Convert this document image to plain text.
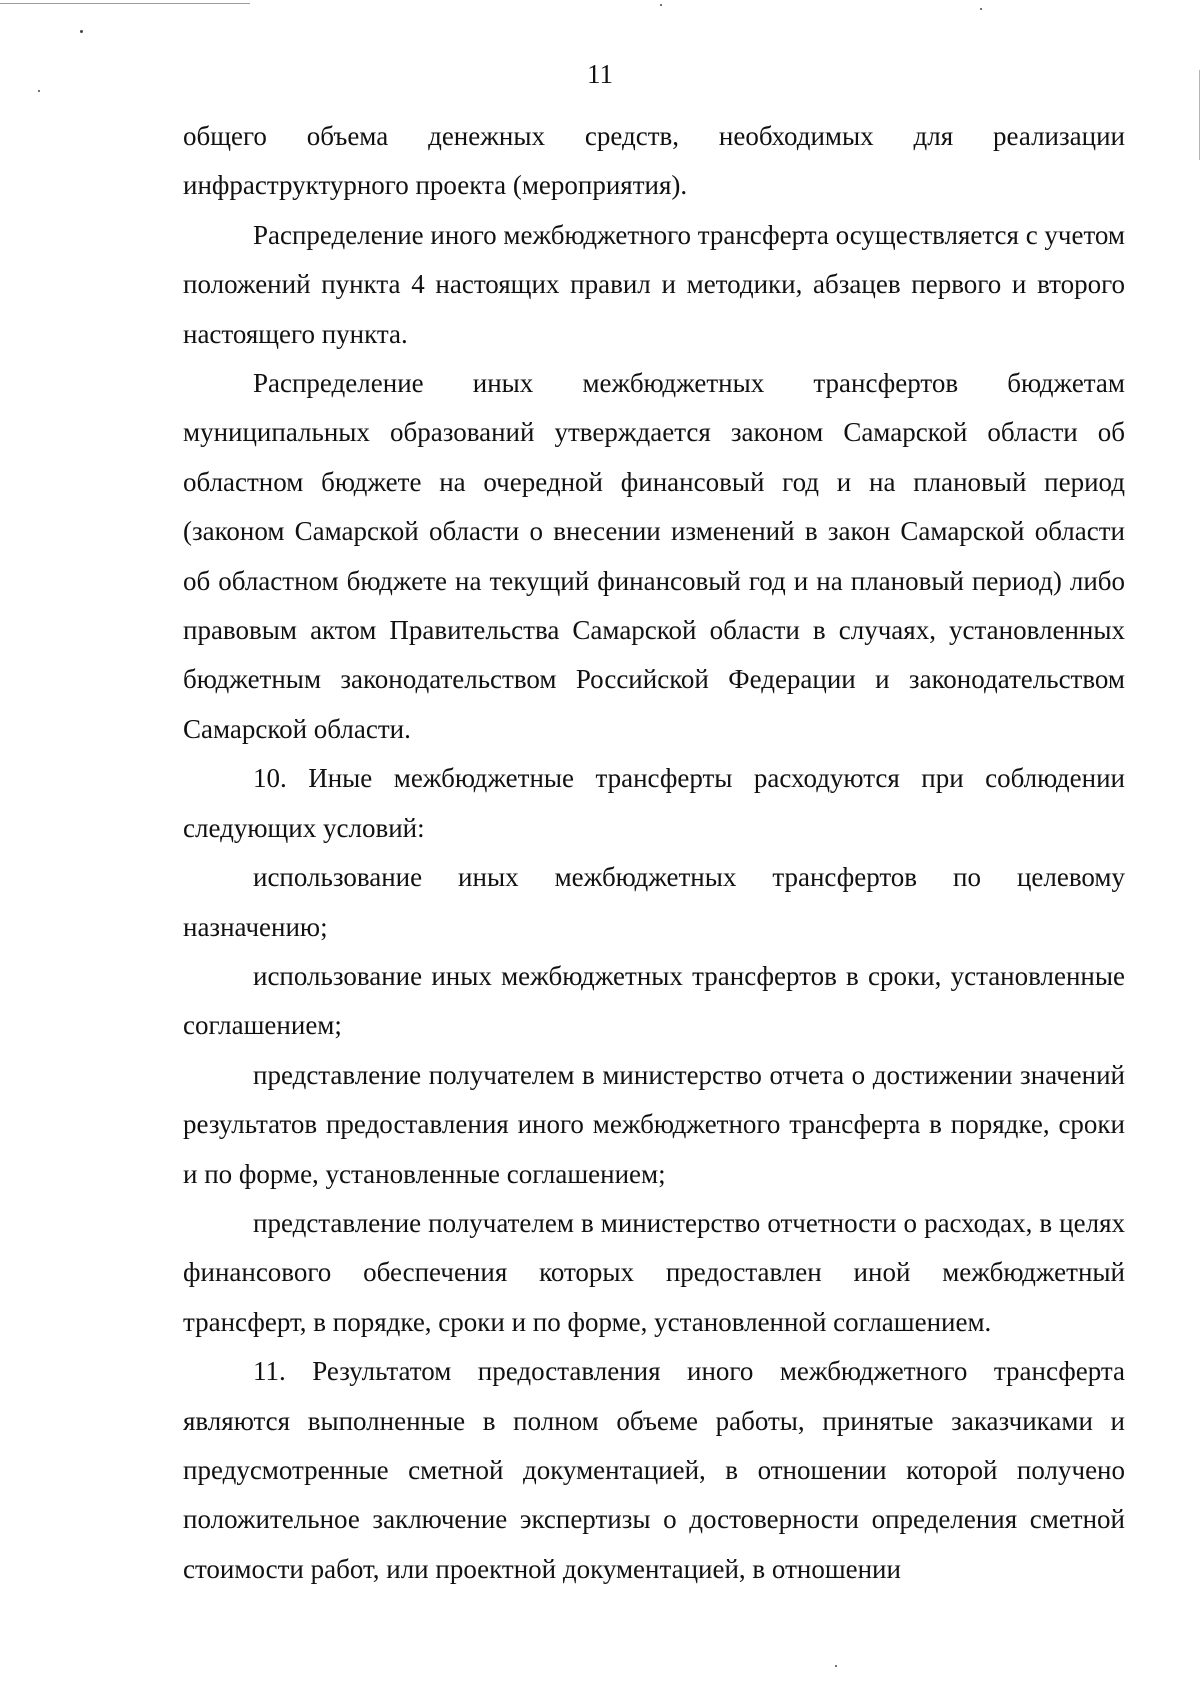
11

общего объема денежных средств, необходимых для реализации инфраструктурного проекта (мероприятия).

Распределение иного межбюджетного трансферта осуществляется с учетом положений пункта 4 настоящих правил и методики, абзацев первого и второго настоящего пункта.

Распределение иных межбюджетных трансфертов бюджетам муниципальных образований утверждается законом Самарской области об областном бюджете на очередной финансовый год и на плановый период (законом Самарской области о внесении изменений в закон Самарской области об областном бюджете на текущий финансовый год и на плановый период) либо правовым актом Правительства Самарской области в случаях, установленных бюджетным законодательством Российской Федерации и законодательством Самарской области.

10. Иные межбюджетные трансферты расходуются при соблюдении следующих условий:

использование иных межбюджетных трансфертов по целевому назначению;

использование иных межбюджетных трансфертов в сроки, установленные соглашением;

представление получателем в министерство отчета о достижении значений результатов предоставления иного межбюджетного трансферта в порядке, сроки и по форме, установленные соглашением;

представление получателем в министерство отчетности о расходах, в целях финансового обеспечения которых предоставлен иной межбюджетный трансферт, в порядке, сроки и по форме, установленной соглашением.

11. Результатом предоставления иного межбюджетного трансферта являются выполненные в полном объеме работы, принятые заказчиками и предусмотренные сметной документацией, в отношении которой получено положительное заключение экспертизы о достоверности определения сметной стоимости работ, или проектной документацией, в отношении
